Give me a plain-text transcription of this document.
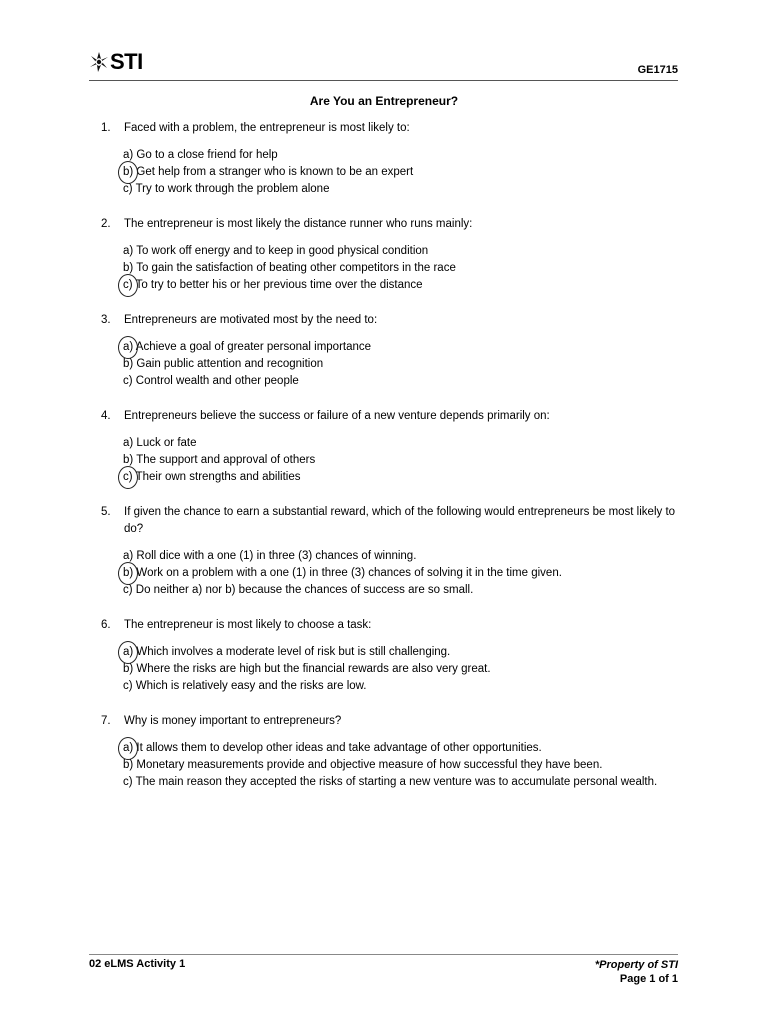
STI	GE1715
Are You an Entrepreneur?
1.	Faced with a problem, the entrepreneur is most likely to:
a) Go to a close friend for help
b) Get help from a stranger who is known to be an expert
c) Try to work through the problem alone
2.	The entrepreneur is most likely the distance runner who runs mainly:
a) To work off energy and to keep in good physical condition
b) To gain the satisfaction of beating other competitors in the race
c) To try to better his or her previous time over the distance
3.	Entrepreneurs are motivated most by the need to:
a) Achieve a goal of greater personal importance
b) Gain public attention and recognition
c) Control wealth and other people
4.	Entrepreneurs believe the success or failure of a new venture depends primarily on:
a) Luck or fate
b) The support and approval of others
c) Their own strengths and abilities
5.	If given the chance to earn a substantial reward, which of the following would entrepreneurs be most likely to do?
a) Roll dice with a one (1) in three (3) chances of winning.
b) Work on a problem with a one (1) in three (3) chances of solving it in the time given.
c) Do neither a) nor b) because the chances of success are so small.
6.	The entrepreneur is most likely to choose a task:
a) Which involves a moderate level of risk but is still challenging.
b) Where the risks are high but the financial rewards are also very great.
c) Which is relatively easy and the risks are low.
7.	Why is money important to entrepreneurs?
a) It allows them to develop other ideas and take advantage of other opportunities.
b) Monetary measurements provide and objective measure of how successful they have been.
c) The main reason they accepted the risks of starting a new venture was to accumulate personal wealth.
02 eLMS Activity 1	*Property of STI
Page 1 of 1
